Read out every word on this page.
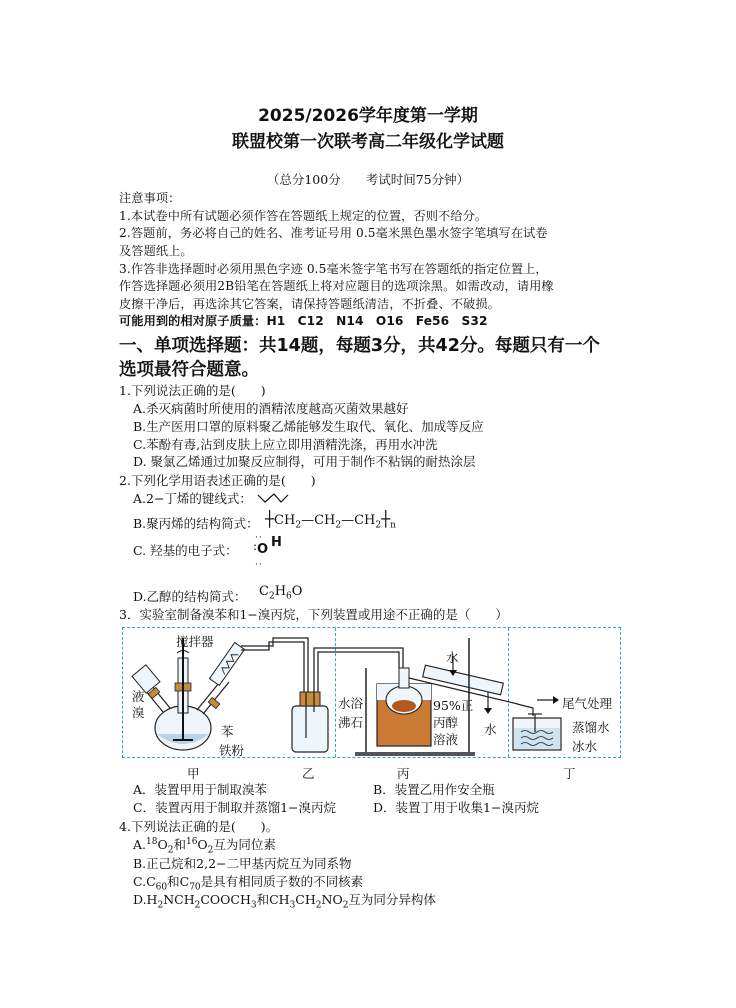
2025/2026学年度第一学期
联盟校第一次联考高二年级化学试题
（总分100分　　考试时间75分钟）
注意事项：
1.本试卷中所有试题必须作答在答题纸上规定的位置，否则不给分。
2.答题前，务必将自己的姓名、准考证号用 0.5毫米黑色墨水签字笔填写在试卷
及答题纸上。
3.作答非选择题时必须用黑色字迹 0.5毫米签字笔书写在答题纸的指定位置上，
作答选择题必须用2B铅笔在答题纸上将对应题目的选项涂黑。如需改动，请用橡
皮擦干净后，再选涂其它答案，请保持答题纸清洁，不折叠、不破损。
可能用到的相对原子质量：H1　C12　N14　O16　Fe56　S32
一、单项选择题：共14题，每题3分，共42分。每题只有一个
选项最符合题意。
1.下列说法正确的是(　　)
A.杀灭病菌时所使用的酒精浓度越高灭菌效果越好
B.生产医用口罩的原料聚乙烯能够发生取代、氧化、加成等反应
C.苯酚有毒,沾到皮肤上应立即用酒精洗涤，再用水冲洗
D. 聚氯乙烯通过加聚反应制得，可用于制作不粘锅的耐热涂层
2.下列化学用语表述正确的是(　　)
A.2−丁烯的键线式：
B.聚丙烯的结构简式： $┼CH_2—CH_2—CH_2┼_n$
C. 羟基的电子式：
··
: O H
··
D.乙醇的结构简式： $C_2H_6O$
3．实验室制备溴苯和1−溴丙烷，下列装置或用途不正确的是（　　）
搅拌器
液
溴
苯
铁粉
水
水浴
沸石
95%正
丙醇
溶液
水
尾气处理
蒸馏水
冰水
甲	乙	丙	丁
A．装置甲用于制取溴苯	B．装置乙用作安全瓶
C．装置丙用于制取并蒸馏1−溴丙烷	D．装置丁用于收集1−溴丙烷
4.下列说法正确的是(　　)。
$A.^{18}O_2$和$^{16}O_2$互为同位素
B.正己烷和2,2−二甲基丙烷互为同系物
$C.C_{60}$和$C_{70}$是具有相同质子数的不同核素
$D.H_2NCH_2COOCH_3$和$CH_3CH_2NO_2$互为同分异构体
